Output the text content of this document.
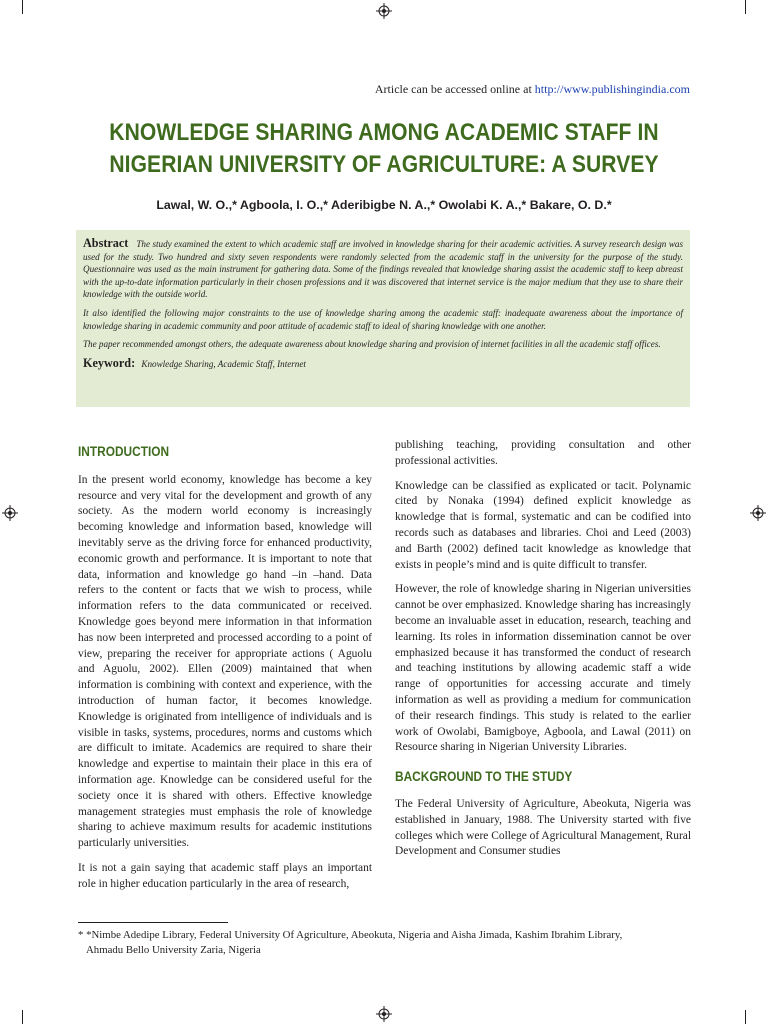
Article can be accessed online at http://www.publishingindia.com
KNOWLEDGE SHARING AMONG ACADEMIC STAFF IN NIGERIAN UNIVERSITY OF AGRICULTURE: A SURVEY
Lawal, W. O.,* Agboola, I. O.,* Aderibigbe N. A.,* Owolabi K. A.,* Bakare, O. D.*

Abstract The study examined the extent to which academic staff are involved in knowledge sharing for their academic activities. A survey research design was used for the study. Two hundred and sixty seven respondents were randomly selected from the academic staff in the university for the purpose of the study. Questionnaire was used as the main instrument for gathering data. Some of the findings revealed that knowledge sharing assist the academic staff to keep abreast with the up-to-date information particularly in their chosen professions and it was discovered that internet service is the major medium that they use to share their knowledge with the outside world.

It also identified the following major constraints to the use of knowledge sharing among the academic staff: inadequate awareness about the importance of knowledge sharing in academic community and poor attitude of academic staff to ideal of sharing knowledge with one another.

The paper recommended amongst others, the adequate awareness about knowledge sharing and provision of internet facilities in all the academic staff offices.

Keyword: Knowledge Sharing, Academic Staff, Internet
INTRODUCTION

In the present world economy, knowledge has become a key resource and very vital for the development and growth of any society. As the modern world economy is increasingly becoming knowledge and information based, knowledge will inevitably serve as the driving force for enhanced productivity, economic growth and performance. It is important to note that data, information and knowledge go hand –in –hand. Data refers to the content or facts that we wish to process, while information refers to the data communicated or received. Knowledge goes beyond mere information in that information has now been interpreted and processed according to a point of view, preparing the receiver for appropriate actions ( Aguolu and Aguolu, 2002). Ellen (2009) maintained that when information is combining with context and experience, with the introduction of human factor, it becomes knowledge. Knowledge is originated from intelligence of individuals and is visible in tasks, systems, procedures, norms and customs which are difficult to imitate. Academics are required to share their knowledge and expertise to maintain their place in this era of information age. Knowledge can be considered useful for the society once it is shared with others. Effective knowledge management strategies must emphasis the role of knowledge sharing to achieve maximum results for academic institutions particularly universities.

It is not a gain saying that academic staff plays an important role in higher education particularly in the area of research,

publishing teaching, providing consultation and other professional activities.

Knowledge can be classified as explicated or tacit. Polynamic cited by Nonaka (1994) defined explicit knowledge as knowledge that is formal, systematic and can be codified into records such as databases and libraries. Choi and Leed (2003) and Barth (2002) defined tacit knowledge as knowledge that exists in people’s mind and is quite difficult to transfer.

However, the role of knowledge sharing in Nigerian universities cannot be over emphasized. Knowledge sharing has increasingly become an invaluable asset in education, research, teaching and learning. Its roles in information dissemination cannot be over emphasized because it has transformed the conduct of research and teaching institutions by allowing academic staff a wide range of opportunities for accessing accurate and timely information as well as providing a medium for communication of their research findings. This study is related to the earlier work of Owolabi, Bamigboye, Agboola, and Lawal (2011) on Resource sharing in Nigerian University Libraries.

BACKGROUND TO THE STUDY

The Federal University of Agriculture, Abeokuta, Nigeria was established in January, 1988. The University started with five colleges which were College of Agricultural Management, Rural Development and Consumer studies

* *Nimbe Adedipe Library, Federal University Of Agriculture, Abeokuta, Nigeria and Aisha Jimada, Kashim Ibrahim Library,
Ahmadu Bello University Zaria, Nigeria
